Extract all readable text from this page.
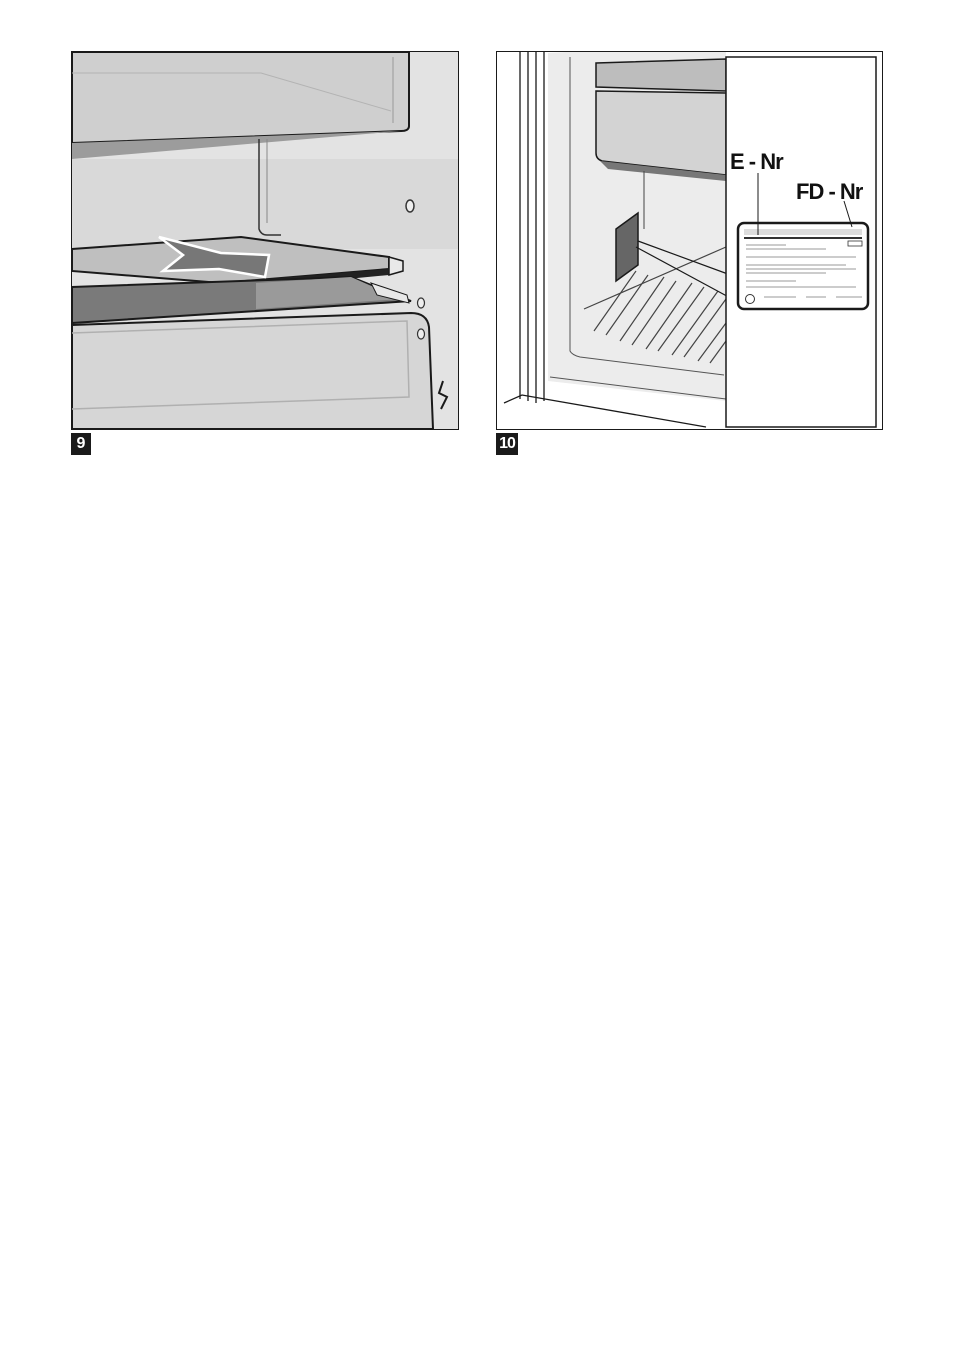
9
E - Nr
FD - Nr
10
